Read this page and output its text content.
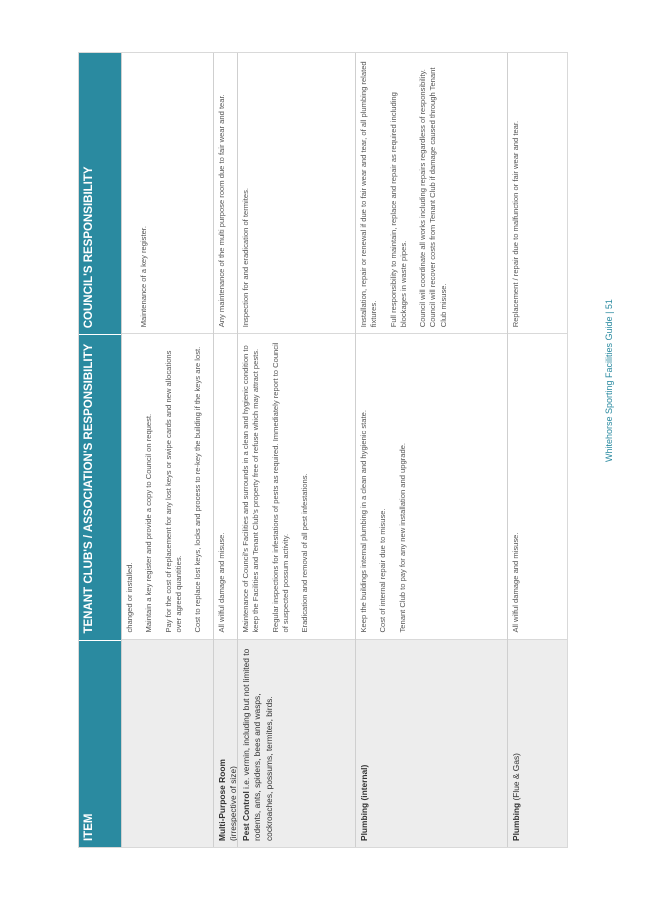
ITEM
TENANT CLUB'S / ASSOCIATION'S RESPONSIBILITY
COUNCIL'S RESPONSIBILITY

changed or installed. Maintain a key register and provide a copy to Council on request. Pay for the cost of replacement for any lost keys or swipe cards and new allocations over agreed quantities. Cost to replace lost keys, locks and process to re-key the building if the keys are lost.

Maintenance of a key register.

Multi-Purpose Room
(irrespective of size)

All wilful damage and misuse.

Any maintenance of the multi purpose room due to fair wear and tear.

Pest Control i.e. vermin, including but not limited to rodents, ants, spiders, bees and wasps, cockroaches, possums, termites, birds.

Maintenance of Council's Facilities and surrounds in a clean and hygienic condition to keep the Facilities and Tenant Club's property free of refuse which may attract pests. Regular inspections for infestations of pests as required. Immediately report to Council of suspected possum activity. Eradication and removal of all pest infestations.

Inspection for and eradication of termites.

Plumbing (internal)

Keep the buildings internal plumbing in a clean and hygienic state. Cost of internal repair due to misuse. Tenant Club to pay for any new installation and upgrade.

Installation, repair or renewal if due to fair wear and tear, of all plumbing related fixtures. Full responsibility to maintain, replace and repair as required including blockages in waste pipes. Council will coordinate all works including repairs regardless of responsibility. Council will recover costs from Tenant Club if damage caused through Tenant Club misuse.

Plumbing (Flue & Gas)

All wilful damage and misuse.

Replacement / repair due to malfunction or fair wear and tear.

Whitehorse Sporting Facilities Guide | 51
